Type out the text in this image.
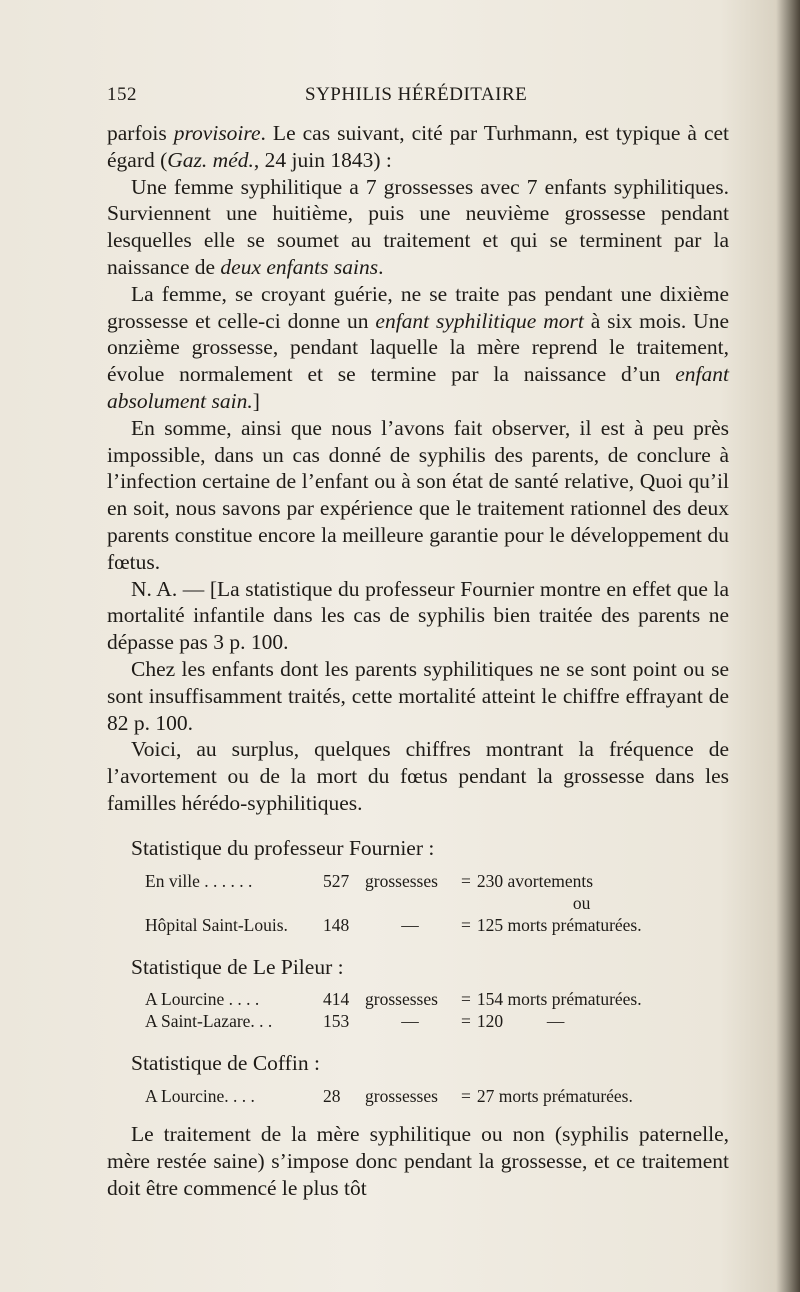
152	SYPHILIS HÉRÉDITAIRE

parfois provisoire. Le cas suivant, cité par Turhmann, est typique à cet égard (Gaz. méd., 24 juin 1843) :

Une femme syphilitique a 7 grossesses avec 7 enfants syphilitiques. Surviennent une huitième, puis une neuvième grossesse pendant lesquelles elle se soumet au traitement et qui se terminent par la naissance de deux enfants sains.

La femme, se croyant guérie, ne se traite pas pendant une dixième grossesse et celle-ci donne un enfant syphilitique mort à six mois. Une onzième grossesse, pendant laquelle la mère reprend le traitement, évolue normalement et se termine par la naissance d’un enfant absolument sain.]

En somme, ainsi que nous l’avons fait observer, il est à peu près impossible, dans un cas donné de syphilis des parents, de conclure à l’infection certaine de l’enfant ou à son état de santé relative, Quoi qu’il en soit, nous savons par expérience que le traitement rationnel des deux parents constitue encore la meilleure garantie pour le développement du fœtus.

N. A. — [La statistique du professeur Fournier montre en effet que la mortalité infantile dans les cas de syphilis bien traitée des parents ne dépasse pas 3 p. 100.

Chez les enfants dont les parents syphilitiques ne se sont point ou se sont insuffisamment traités, cette mortalité atteint le chiffre effrayant de 82 p. 100.

Voici, au surplus, quelques chiffres montrant la fréquence de l’avortement ou de la mort du fœtus pendant la grossesse dans les familles hérédo-syphilitiques.

Statistique du professeur Fournier :
En ville . . . . . .	527	grossesses	=	230 avortements
				ou
Hôpital Saint-Louis.	148	—	=	125 morts prématurées.
Statistique de Le Pileur :
A Lourcine . . . .	414	grossesses	=	154 morts prématurées.
A Saint-Lazare. . .	153	—	=	120          —
Statistique de Coffin :
A Lourcine. . . .	28	grossesses	=	27 morts prématurées.

Le traitement de la mère syphilitique ou non (syphilis paternelle, mère restée saine) s’impose donc pendant la grossesse, et ce traitement doit être commencé le plus tôt
